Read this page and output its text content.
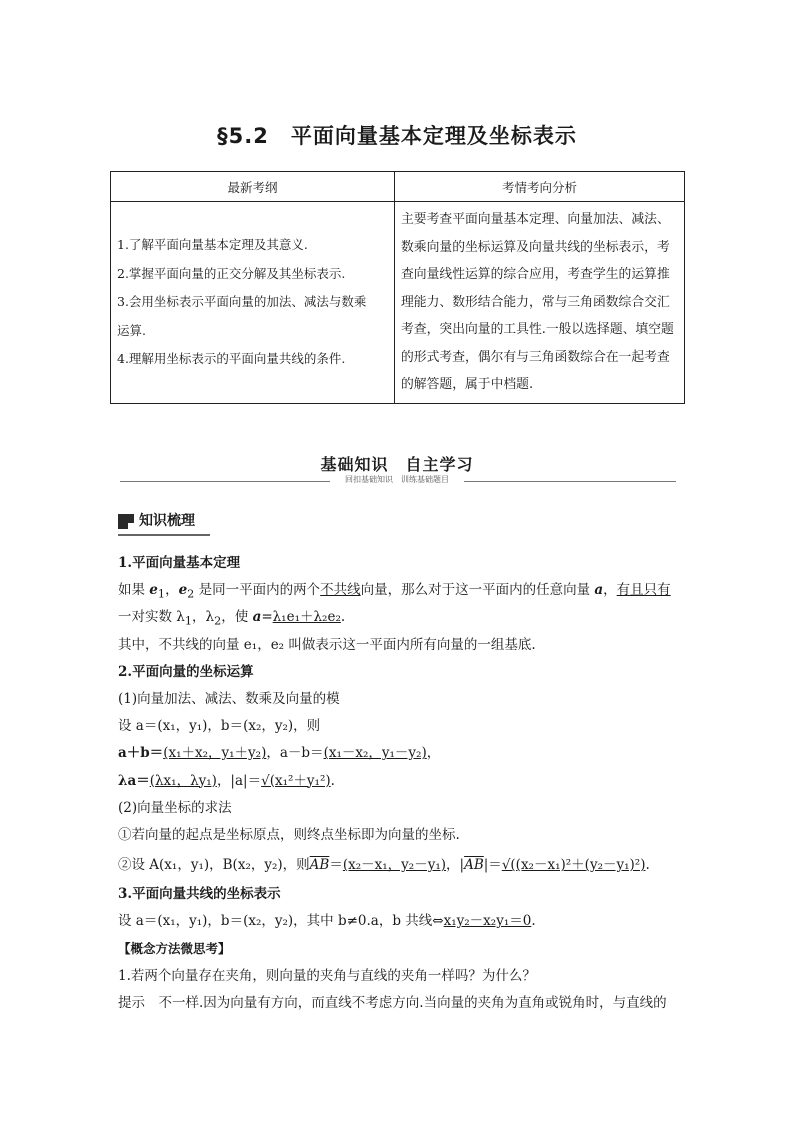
§5.2　平面向量基本定理及坐标表示
最新考纲	考情考向分析

1.了解平面向量基本定理及其意义.
2.掌握平面向量的正交分解及其坐标表示.
3.会用坐标表示平面向量的加法、减法与数乘运算.
4.理解用坐标表示的平面向量共线的条件.	主要考查平面向量基本定理、向量加法、减法、数乘向量的坐标运算及向量共线的坐标表示，考查向量线性运算的综合应用，考查学生的运算推理能力、数形结合能力，常与三角函数综合交汇考查，突出向量的工具性.一般以选择题、填空题的形式考查，偶尔有与三角函数综合在一起考查的解答题，属于中档题.
基础知识　自主学习
回扣基础知识　训练基础题目
知识梳理
1.平面向量基本定理
如果 $e_1$，$e_2$ 是同一平面内的两个不共线向量，那么对于这一平面内的任意向量 a，有且只有
一对实数 $\lambda_1$，$\lambda_2$，使 a=λ₁e₁＋λ₂e₂.
其中，不共线的向量 e₁，e₂ 叫做表示这一平面内所有向量的一组基底.
2.平面向量的坐标运算
(1)向量加法、减法、数乘及向量的模
设 a＝(x₁，y₁)，b＝(x₂，y₂)，则
a＋b＝(x₁＋x₂，y₁＋y₂)，a－b＝(x₁－x₂，y₁－y₂)，
λa＝(λx₁，λy₁)，|a|＝√(x₁²＋y₁²).
(2)向量坐标的求法
①若向量的起点是坐标原点，则终点坐标即为向量的坐标.
②设 A(x₁，y₁)，B(x₂，y₂)，则$\overline{AB}=(x_2-x_1$，y₂－y₁)，$|\overline{AB}|=√((x_2-x_1)^2+(y_2-y_1)^2)$.
3.平面向量共线的坐标表示
设 a＝(x₁，y₁)，b＝(x₂，y₂)，其中 b≠0.a，b 共线⇔x₁y₂－x₂y₁＝0.
【概念方法微思考】
1.若两个向量存在夹角，则向量的夹角与直线的夹角一样吗？为什么？
提示　不一样.因为向量有方向，而直线不考虑方向.当向量的夹角为直角或锐角时，与直线的
